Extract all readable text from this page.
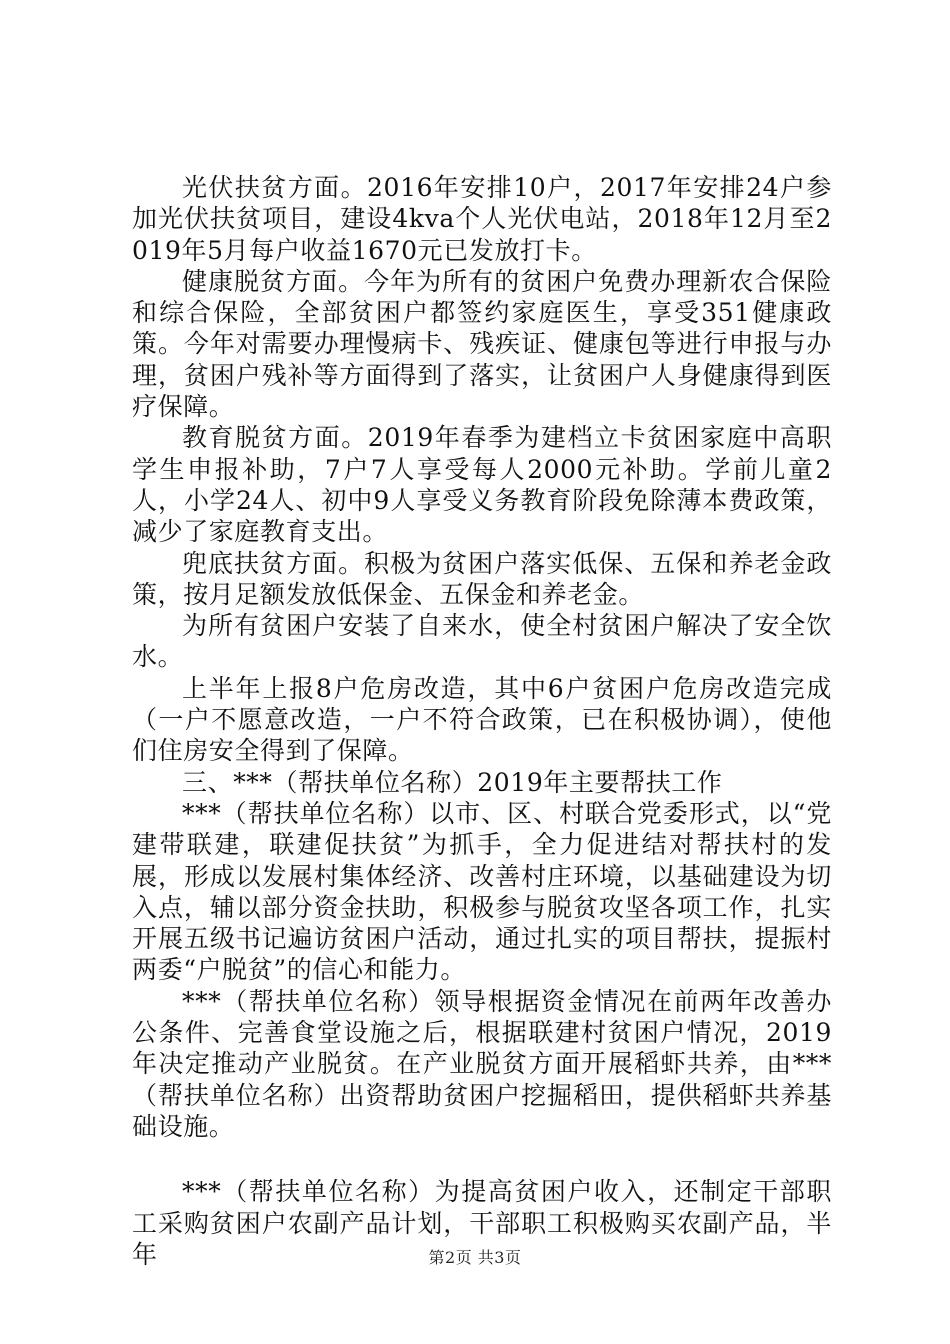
光伏扶贫方面。2016年安排10户，2017年安排24户参加光伏扶贫项目，建设4kva个人光伏电站，2018年12月至2019年5月每户收益1670元已发放打卡。

健康脱贫方面。今年为所有的贫困户免费办理新农合保险和综合保险，全部贫困户都签约家庭医生，享受351健康政策。今年对需要办理慢病卡、残疾证、健康包等进行申报与办理，贫困户残补等方面得到了落实，让贫困户人身健康得到医疗保障。

教育脱贫方面。2019年春季为建档立卡贫困家庭中高职学生申报补助，7户7人享受每人2000元补助。学前儿童2人，小学24人、初中9人享受义务教育阶段免除薄本费政策，减少了家庭教育支出。

兜底扶贫方面。积极为贫困户落实低保、五保和养老金政策，按月足额发放低保金、五保金和养老金。

为所有贫困户安装了自来水，使全村贫困户解决了安全饮水。

上半年上报8户危房改造，其中6户贫困户危房改造完成（一户不愿意改造，一户不符合政策，已在积极协调），使他们住房安全得到了保障。

三、***（帮扶单位名称）2019年主要帮扶工作

***（帮扶单位名称）以市、区、村联合党委形式，以“党建带联建，联建促扶贫”为抓手，全力促进结对帮扶村的发展，形成以发展村集体经济、改善村庄环境，以基础建设为切入点，辅以部分资金扶助，积极参与脱贫攻坚各项工作，扎实开展五级书记遍访贫困户活动，通过扎实的项目帮扶，提振村两委“户脱贫”的信心和能力。

***（帮扶单位名称）领导根据资金情况在前两年改善办公条件、完善食堂设施之后，根据联建村贫困户情况，2019年决定推动产业脱贫。在产业脱贫方面开展稻虾共养，由***（帮扶单位名称）出资帮助贫困户挖掘稻田，提供稻虾共养基础设施。

***（帮扶单位名称）为提高贫困户收入，还制定干部职工采购贫困户农副产品计划，干部职工积极购买农副产品，半年	第2页 共3页
